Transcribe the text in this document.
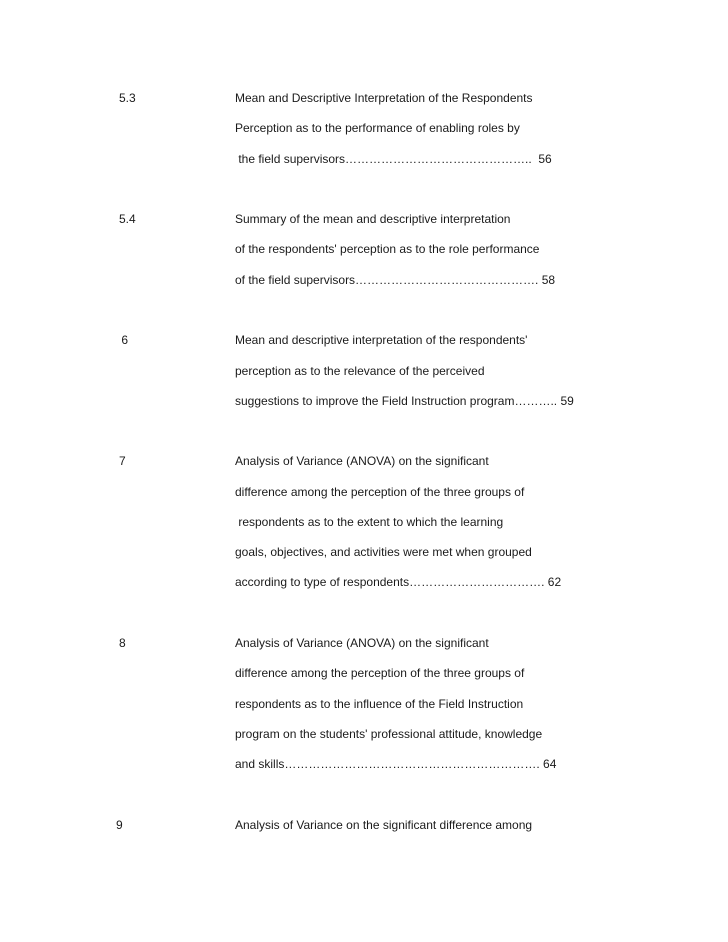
5.3	Mean and Descriptive Interpretation of the Respondents
Perception as to the performance of enabling roles by
the field supervisors………………………………………..  56
5.4	Summary of the mean and descriptive interpretation
of the respondents' perception as to the role performance
of the field supervisors………………………………………. 58
6	Mean and descriptive interpretation of the respondents'
perception as to the relevance of the perceived
suggestions to improve the Field Instruction program……….. 59
7	Analysis of Variance (ANOVA) on the significant
difference among the perception of the three groups of
respondents as to the extent to which the learning
goals, objectives, and activities were met when grouped
according to type of respondents……………………………. 62
8	Analysis of Variance (ANOVA) on the significant
difference among the perception of the three groups of
respondents as to the influence of the Field Instruction
program on the students' professional attitude, knowledge
and skills………………………………………………………. 64
9	Analysis of Variance on the significant difference among
